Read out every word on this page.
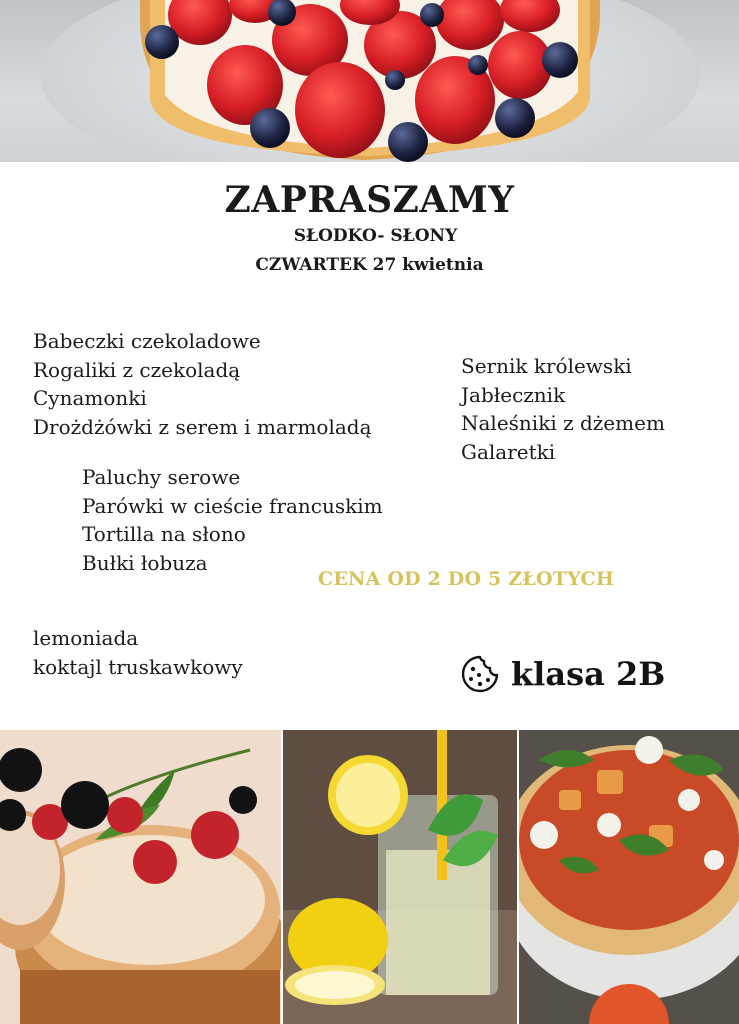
ZAPRASZAMY
SŁODKO- SŁONY
CZWARTEK 27 kwietnia
Babeczki czekoladowe
Rogaliki z czekoladą
Cynamonki
Drożdżówki z serem i marmoladą
Sernik królewski
Jabłecznik
Naleśniki z dżemem
Galaretki
Paluchy serowe
Parówki w cieście francuskim
Tortilla na słono
Bułki łobuza
CENA OD 2 DO 5 ZŁOTYCH
lemoniada
koktajl truskawkowy	klasa 2B
